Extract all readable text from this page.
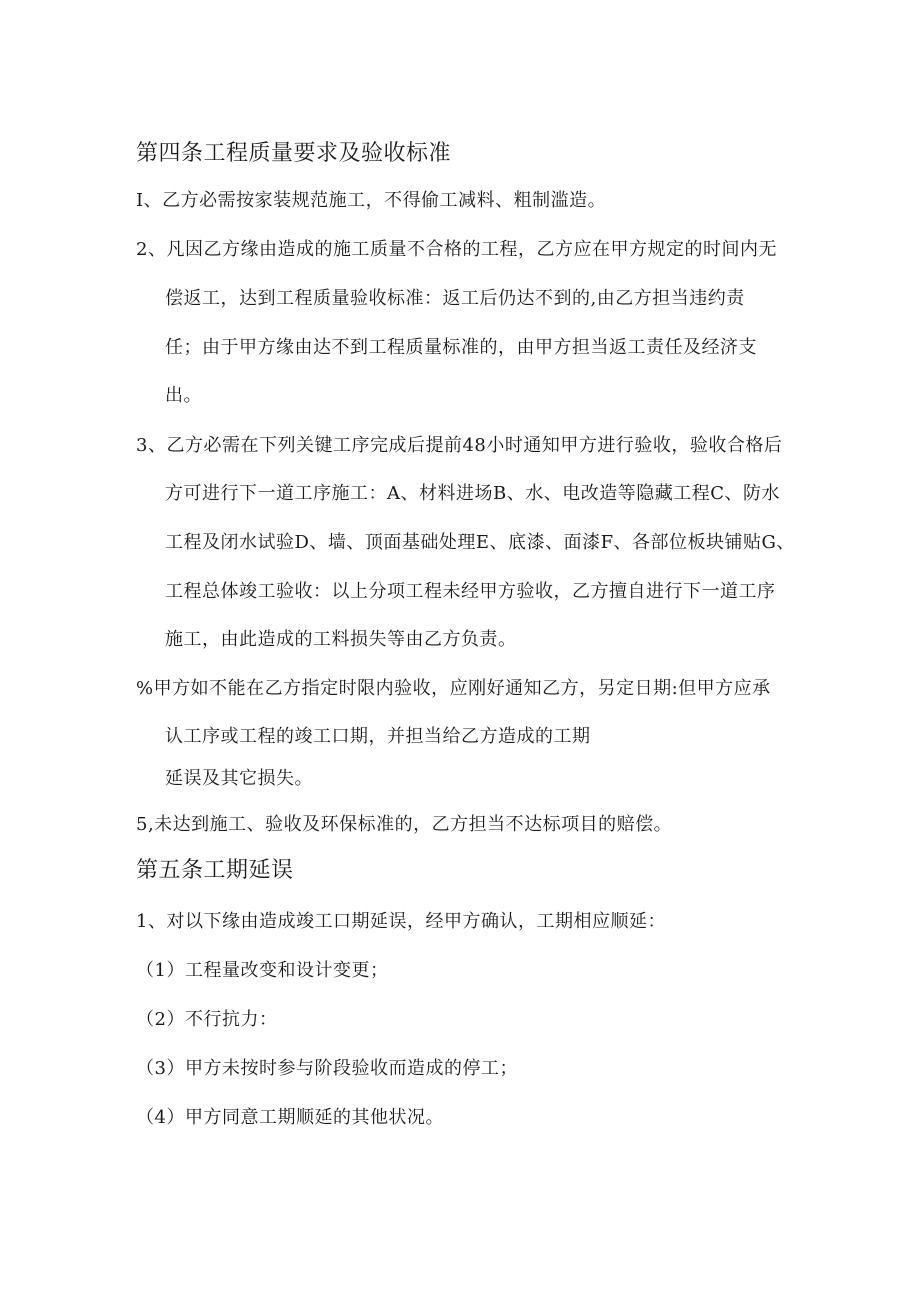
第四条工程质量要求及验收标准
I、乙方必需按家装规范施工，不得偷工减料、粗制滥造。
2、凡因乙方缘由造成的施工质量不合格的工程，乙方应在甲方规定的时间内无
偿返工，达到工程质量验收标准：返工后仍达不到的,由乙方担当违约责
任；由于甲方缘由达不到工程质量标准的，由甲方担当返工责任及经济支
出。
3、乙方必需在下列关键工序完成后提前48小时通知甲方进行验收，验收合格后
方可进行下一道工序施工：A、材料进场B、水、电改造等隐藏工程C、防水
工程及闭水试验D、墙、顶面基础处理E、底漆、面漆F、各部位板块铺贴G、
工程总体竣工验收：以上分项工程未经甲方验收，乙方擅自进行下一道工序
施工，由此造成的工料损失等由乙方负责。
%甲方如不能在乙方指定时限内验收，应刚好通知乙方，另定日期:但甲方应承
认工序或工程的竣工口期，并担当给乙方造成的工期
延误及其它损失。
5,未达到施工、验收及环保标准的，乙方担当不达标项目的赔偿。
第五条工期延误
1、对以下缘由造成竣工口期延误，经甲方确认，工期相应顺延：
（1）工程量改变和设计变更；
（2）不行抗力：
（3）甲方未按时参与阶段验收而造成的停工；
（4）甲方同意工期顺延的其他状况。
